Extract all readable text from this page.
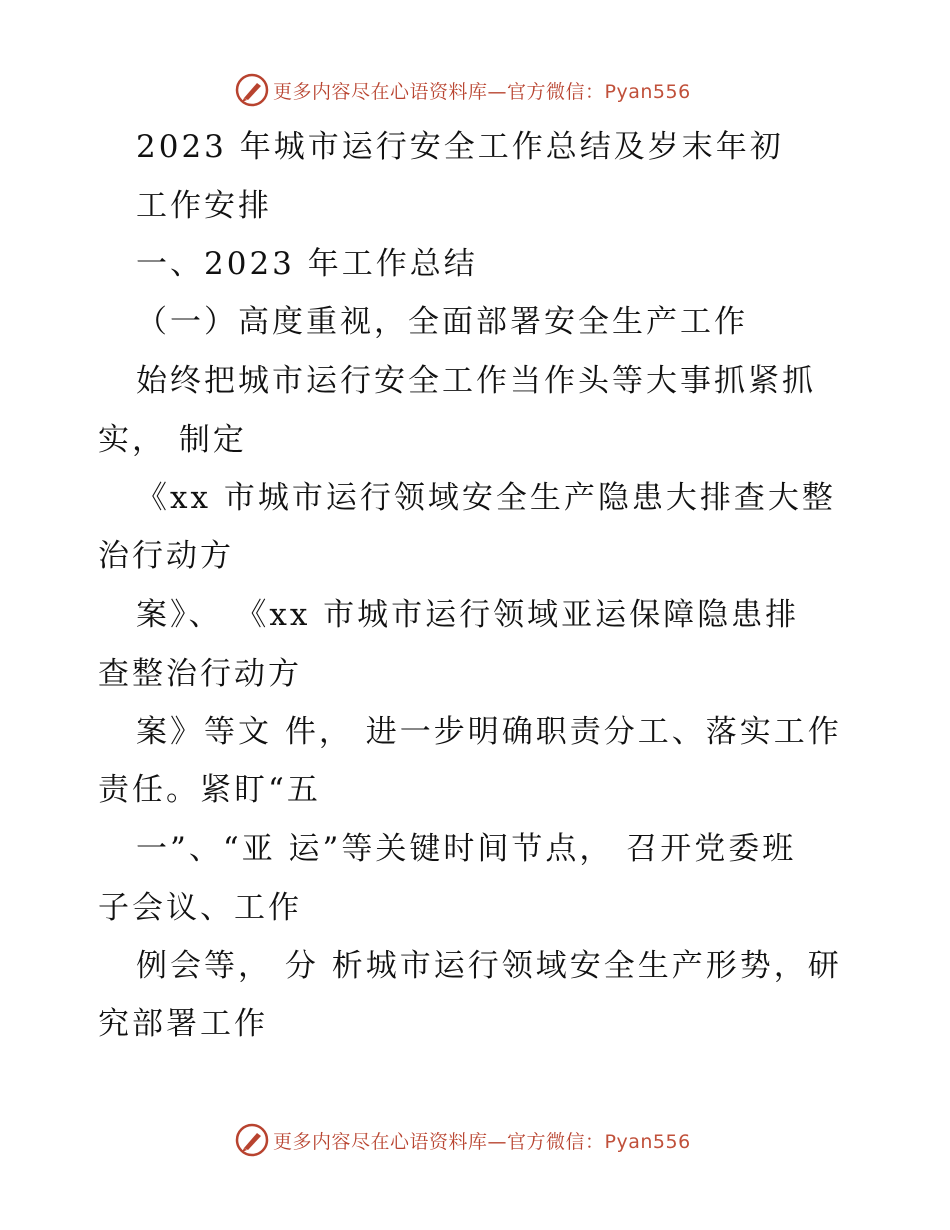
更多内容尽在心语资料库—官方微信：Pyan556
2023 年城市运行安全工作总结及岁末年初
工作安排
一、2023 年工作总结
（一）高度重视，全面部署安全生产工作
始终把城市运行安全工作当作头等大事抓紧抓
实， 制定
《xx 市城市运行领域安全生产隐患大排查大整
治行动方
案》、 《xx 市城市运行领域亚运保障隐患排
查整治行动方
案》等文 件， 进一步明确职责分工、落实工作
责任。紧盯“五
一”、“亚 运”等关键时间节点， 召开党委班
子会议、工作
例会等， 分 析城市运行领域安全生产形势，研
究部署工作
更多内容尽在心语资料库—官方微信：Pyan556
